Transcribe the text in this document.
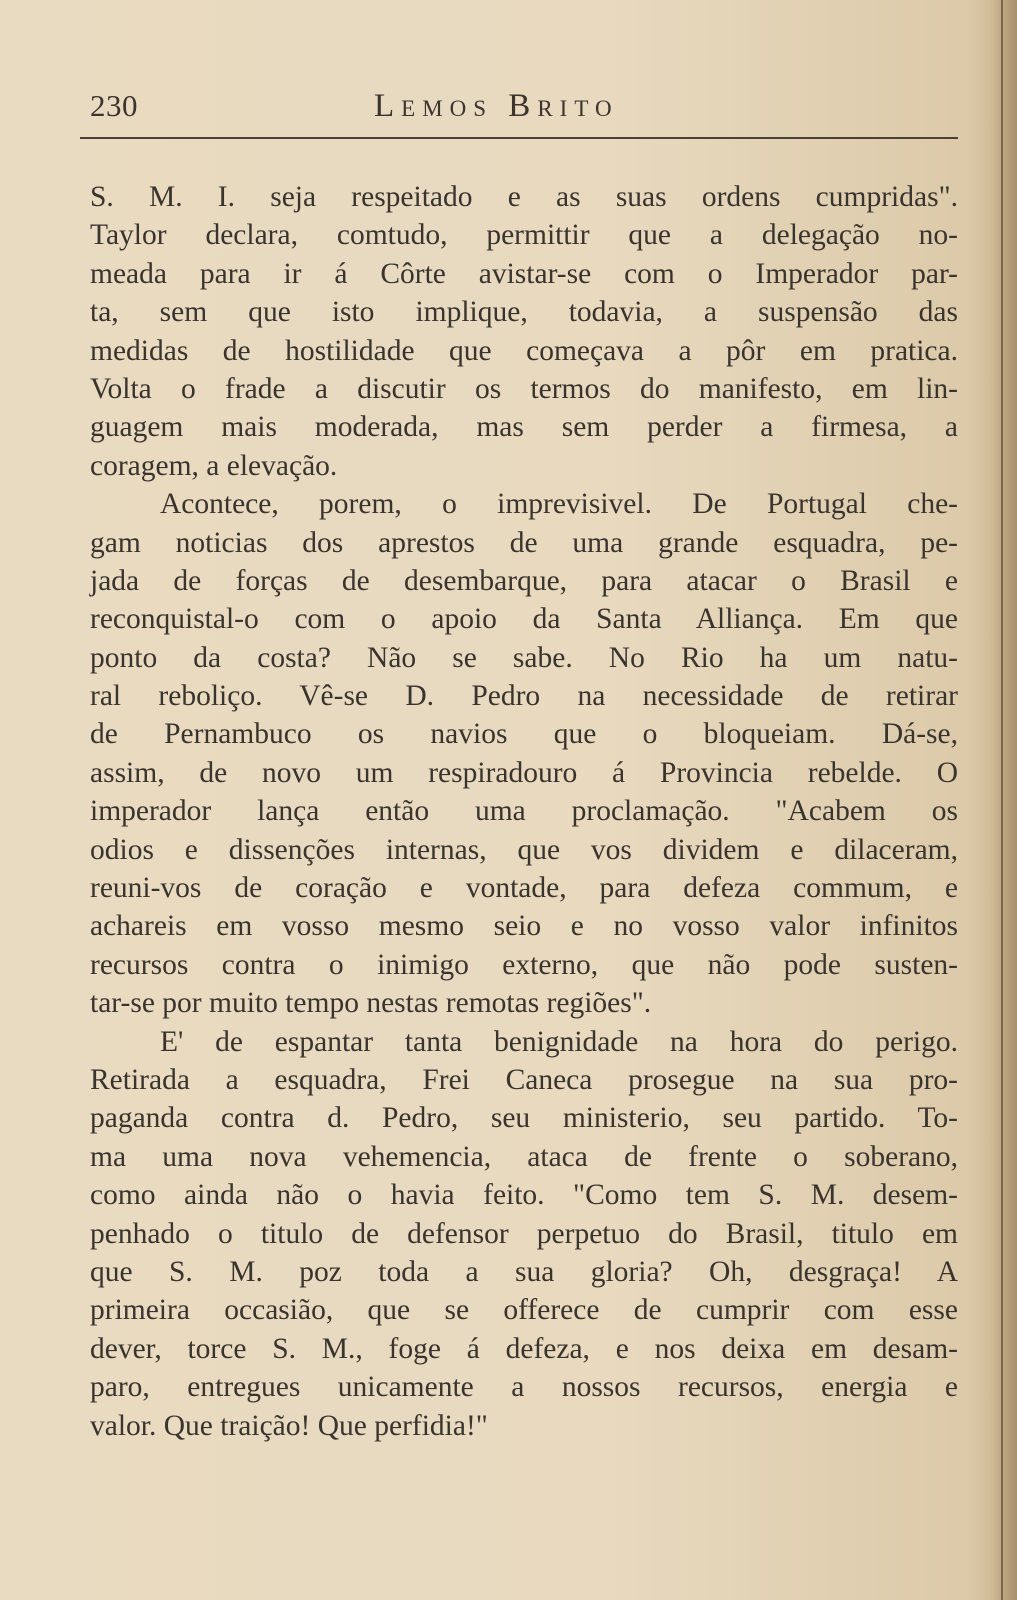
230	Lemos Brito
S. M. I. seja respeitado e as suas ordens cumpridas".
Taylor declara, comtudo, permittir que a delegação no-
meada para ir á Côrte avistar-se com o Imperador par-
ta, sem que isto implique, todavia, a suspensão das
medidas de hostilidade que começava a pôr em pratica.
Volta o frade a discutir os termos do manifesto, em lin-
guagem mais moderada, mas sem perder a firmesa, a
coragem, a elevação.
Acontece, porem, o imprevisivel. De Portugal che-
gam noticias dos aprestos de uma grande esquadra, pe-
jada de forças de desembarque, para atacar o Brasil e
reconquistal-o com o apoio da Santa Alliança. Em que
ponto da costa? Não se sabe. No Rio ha um natu-
ral reboliço. Vê-se D. Pedro na necessidade de retirar
de Pernambuco os navios que o bloqueiam. Dá-se,
assim, de novo um respiradouro á Provincia rebelde. O
imperador lança então uma proclamação. "Acabem os
odios e dissenções internas, que vos dividem e dilaceram,
reuni-vos de coração e vontade, para defeza commum, e
achareis em vosso mesmo seio e no vosso valor infinitos
recursos contra o inimigo externo, que não pode susten-
tar-se por muito tempo nestas remotas regiões".
E' de espantar tanta benignidade na hora do perigo.
Retirada a esquadra, Frei Caneca prosegue na sua pro-
paganda contra d. Pedro, seu ministerio, seu partido. To-
ma uma nova vehemencia, ataca de frente o soberano,
como ainda não o havia feito. "Como tem S. M. desem-
penhado o titulo de defensor perpetuo do Brasil, titulo em
que S. M. poz toda a sua gloria? Oh, desgraça! A
primeira occasião, que se offerece de cumprir com esse
dever, torce S. M., foge á defeza, e nos deixa em desam-
paro, entregues unicamente a nossos recursos, energia e
valor. Que traição! Que perfidia!"
